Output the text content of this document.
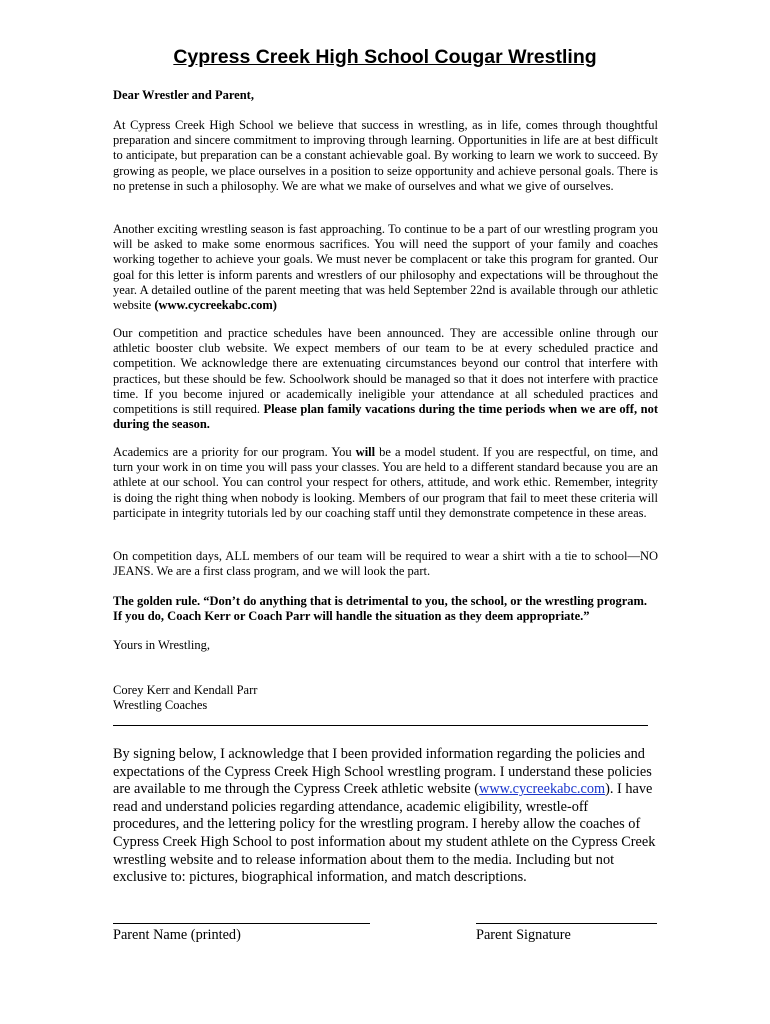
Cypress Creek High School Cougar Wrestling

Dear Wrestler and Parent,

At Cypress Creek High School we believe that success in wrestling, as in life, comes through thoughtful preparation and sincere commitment to improving through learning. Opportunities in life are at best difficult to anticipate, but preparation can be a constant achievable goal. By working to learn we work to succeed. By growing as people, we place ourselves in a position to seize opportunity and achieve personal goals. There is no pretense in such a philosophy. We are what we make of ourselves and what we give of ourselves.

Another exciting wrestling season is fast approaching. To continue to be a part of our wrestling program you will be asked to make some enormous sacrifices. You will need the support of your family and coaches working together to achieve your goals. We must never be complacent or take this program for granted. Our goal for this letter is inform parents and wrestlers of our philosophy and expectations will be throughout the year. A detailed outline of the parent meeting that was held September 22nd is available through our athletic website (www.cycreekabc.com)

Our competition and practice schedules have been announced. They are accessible online through our athletic booster club website. We expect members of our team to be at every scheduled practice and competition. We acknowledge there are extenuating circumstances beyond our control that interfere with practices, but these should be few. Schoolwork should be managed so that it does not interfere with practice time. If you become injured or academically ineligible your attendance at all scheduled practices and competitions is still required. Please plan family vacations during the time periods when we are off, not during the season.

Academics are a priority for our program. You will be a model student. If you are respectful, on time, and turn your work in on time you will pass your classes. You are held to a different standard because you are an athlete at our school. You can control your respect for others, attitude, and work ethic. Remember, integrity is doing the right thing when nobody is looking. Members of our program that fail to meet these criteria will participate in integrity tutorials led by our coaching staff until they demonstrate competence in these areas.

On competition days, ALL members of our team will be required to wear a shirt with a tie to school—NO JEANS. We are a first class program, and we will look the part.

The golden rule. “Don’t do anything that is detrimental to you, the school, or the wrestling program. If you do, Coach Kerr or Coach Parr will handle the situation as they deem appropriate.”

Yours in Wrestling,

Corey Kerr and Kendall Parr

Wrestling Coaches

By signing below, I acknowledge that I been provided information regarding the policies and expectations of the Cypress Creek High School wrestling program. I understand these policies are available to me through the Cypress Creek athletic website (www.cycreekabc.com). I have read and understand policies regarding attendance, academic eligibility, wrestle-off procedures, and the lettering policy for the wrestling program. I hereby allow the coaches of Cypress Creek High School to post information about my student athlete on the Cypress Creek wrestling website and to release information about them to the media. Including but not exclusive to: pictures, biographical information, and match descriptions.

Parent Name (printed)	Parent Signature
